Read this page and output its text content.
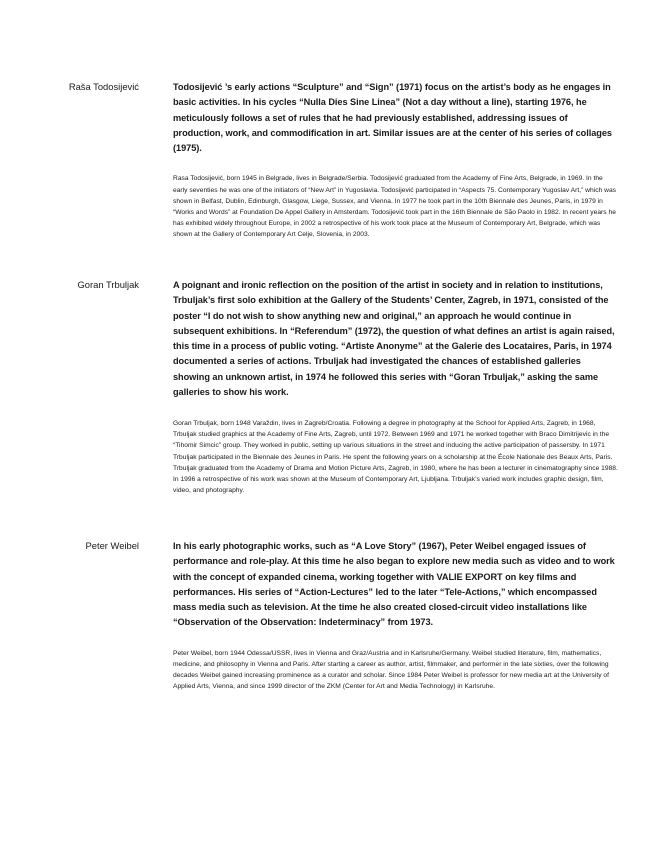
Raša Todosijević	Todosijević ’s early actions “Sculpture” and “Sign” (1971) focus on the artist’s body as he engages in basic activities. In his cycles “Nulla Dies Sine Linea” (Not a day without a line), starting 1976, he meticulously follows a set of rules that he had previously established, addressing issues of production, work, and commodification in art. Similar issues are at the center of his series of collages (1975).

Rasa Todosijević, born 1945 in Belgrade, lives in Belgrade/Serbia. Todosijević graduated from the Academy of Fine Arts, Belgrade, in 1969. In the early seventies he was one of the initiators of “New Art” in Yugoslavia. Todosijević participated in “Aspects 75. Contemporary Yugoslav Art,” which was shown in Belfast, Dublin, Edinburgh, Glasgow, Liege, Sussex, and Vienna. In 1977 he took part in the 10th Biennale des Jeunes, Paris, in 1979 in “Works and Words” at Foundation De Appel Gallery in Amsterdam. Todosijević took part in the 16th Biennale de São Paolo in 1982. In recent years he has exhibited widely throughout Europe, in 2002 a retrospective of his work took place at the Museum of Contemporary Art, Belgrade, which was shown at the Gallery of Contemporary Art Celje, Slovenia, in 2003.

Goran Trbuljak	A poignant and ironic reflection on the position of the artist in society and in relation to institutions, Trbuljak’s first solo exhibition at the Gallery of the Students’ Center, Zagreb, in 1971, consisted of the poster “I do not wish to show anything new and original,” an approach he would continue in subsequent exhibitions. In “Referendum” (1972), the question of what defines an artist is again raised, this time in a process of public voting. “Artiste Anonyme” at the Galerie des Locataires, Paris, in 1974 documented a series of actions. Trbuljak had investigated the chances of established galleries showing an unknown artist, in 1974 he followed this series with “Goran Trbuljak,” asking the same galleries to show his work.

Goran Trbuljak, born 1948 Varaždin, lives in Zagreb/Croatia. Following a degree in photography at the School for Applied Arts, Zagreb, in 1968, Trbuljak studied graphics at the Academy of Fine Arts, Zagreb, until 1972. Between 1969 and 1971 he worked together with Braco Dimitrijevic in the “Tihomir Simcic” group. They worked in public, setting up various situations in the street and inducing the active participation of passersby. In 1971 Trbuljak participated in the Biennale des Jeunes in Paris. He spent the following years on a scholarship at the École Nationale des Beaux Arts, Paris. Trbuljak graduated from the Academy of Drama and Motion Picture Arts, Zagreb, in 1980, where he has been a lecturer in cinematography since 1988. In 1996 a retrospective of his work was shown at the Museum of Contemporary Art, Ljubljana. Trbuljak’s varied work includes graphic design, film, video, and photography.

Peter Weibel	In his early photographic works, such as “A Love Story” (1967), Peter Weibel engaged issues of performance and role-play. At this time he also began to explore new media such as video and to work with the concept of expanded cinema, working together with VALIE EXPORT on key films and performances. His series of “Action-Lectures” led to the later “Tele-Actions,” which encompassed mass media such as television. At the time he also created closed-circuit video installations like “Observation of the Observation: Indeterminacy” from 1973.

Peter Weibel, born 1944 Odessa/USSR, lives in Vienna and Graz/Austria and in Karlsruhe/Germany. Weibel studied literature, film, mathematics, medicine, and philosophy in Vienna and Paris. After starting a career as author, artist, filmmaker, and performer in the late sixties, over the following decades Weibel gained increasing prominence as a curator and scholar. Since 1984 Peter Weibel is professor for new media art at the University of Applied Arts, Vienna, and since 1999 director of the ZKM (Center for Art and Media Technology) in Karlsruhe.
